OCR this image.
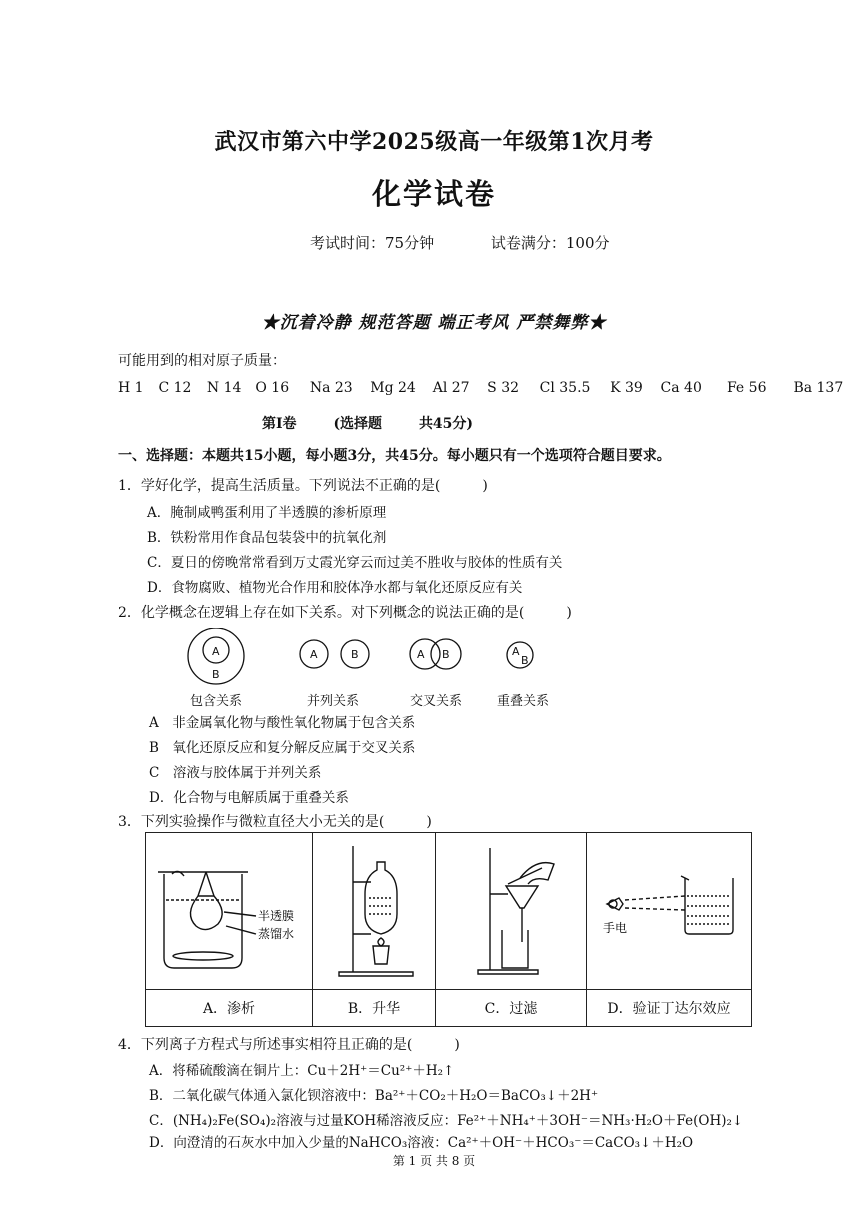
武汉市第六中学2025级高一年级第1次月考
化学试卷
考试时间：75分钟	试卷满分：100分
★沉着冷静 规范答题 端正考风 严禁舞弊★
可能用到的相对原子质量：
H 1 C 12 N 14 O 16 Na 23 Mg 24 Al 27 S 32 Cl 35.5 K 39 Ca 40 Fe 56 Ba 137
第Ⅰ卷	(选择题	共45分)
一、选择题：本题共15小题，每小题3分，共45分。每小题只有一个选项符合题目要求。
1．学好化学，提高生活质量。下列说法不正确的是(　　　)
A．腌制咸鸭蛋利用了半透膜的渗析原理
B．铁粉常用作食品包装袋中的抗氧化剂
C．夏日的傍晚常常看到万丈霞光穿云而过美不胜收与胶体的性质有关
D．食物腐败、植物光合作用和胶体净水都与氧化还原反应有关
2．化学概念在逻辑上存在如下关系。对下列概念的说法正确的是(　　　)
A
B
A	B	A B	A
B
包含关系	并列关系	交叉关系	重叠关系
A　非金属氧化物与酸性氧化物属于包含关系
B　氧化还原反应和复分解反应属于交叉关系
C　溶液与胶体属于并列关系
D．化合物与电解质属于重叠关系
3．下列实验操作与微粒直径大小无关的是(　　　)
半透膜
蒸馏水			手电

A．渗析	B．升华	C．过滤	D．验证丁达尔效应
4．下列离子方程式与所述事实相符且正确的是(　　　)
A．将稀硫酸滴在铜片上：Cu＋2H⁺＝Cu²⁺＋H₂↑
B．二氧化碳气体通入氯化钡溶液中：Ba²⁺＋CO₂＋H₂O＝BaCO₃↓＋2H⁺
C．(NH₄)₂Fe(SO₄)₂溶液与过量KOH稀溶液反应：Fe²⁺＋NH₄⁺＋3OH⁻＝NH₃·H₂O＋Fe(OH)₂↓
D．向澄清的石灰水中加入少量的NaHCO₃溶液：Ca²⁺＋OH⁻＋HCO₃⁻＝CaCO₃↓＋H₂O
第 1 页 共 8 页
